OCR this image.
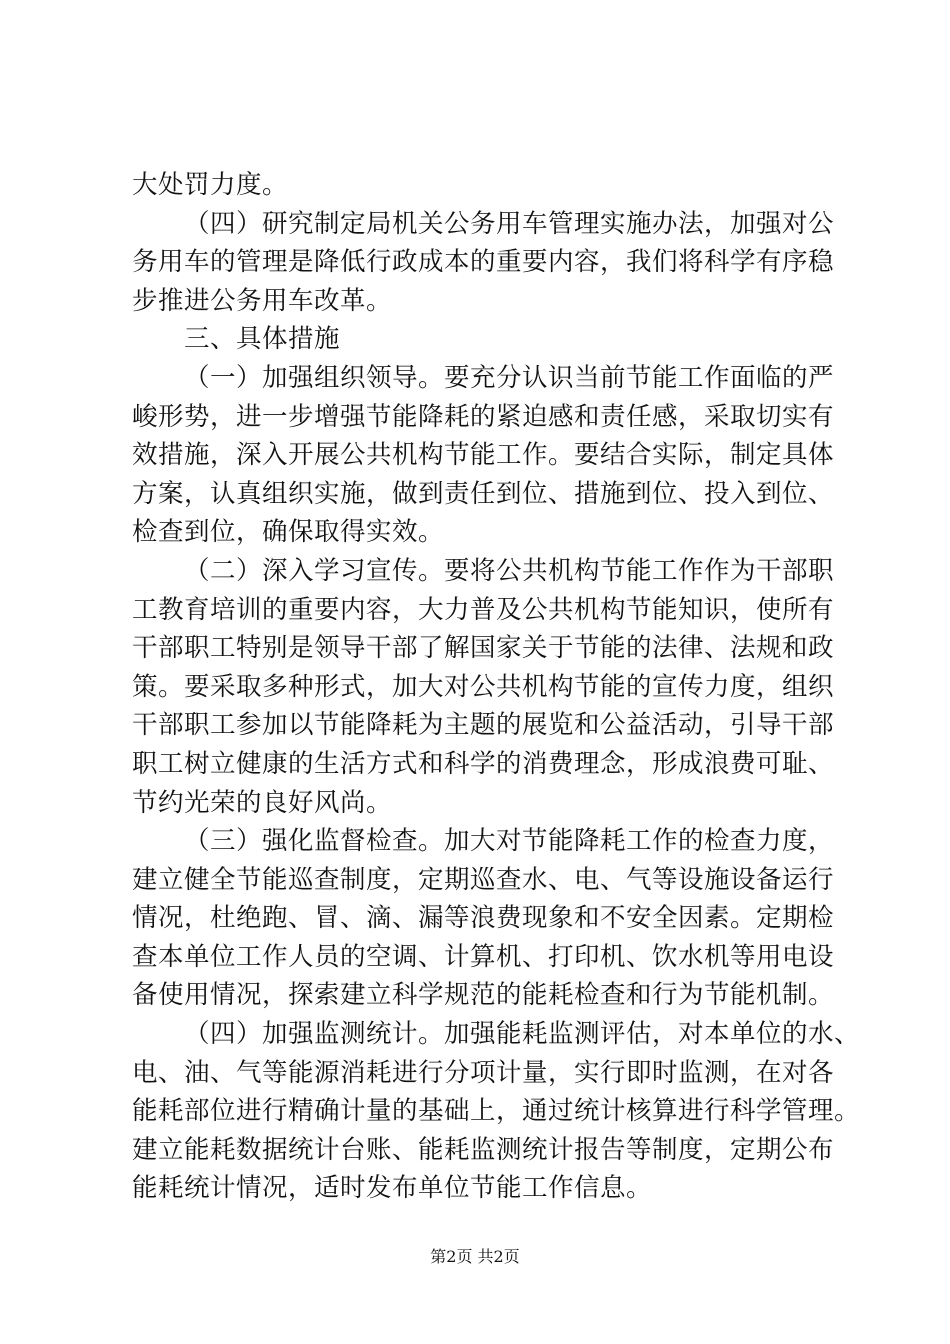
大处罚力度。
（四）研究制定局机关公务用车管理实施办法，加强对公
务用车的管理是降低行政成本的重要内容，我们将科学有序稳
步推进公务用车改革。
三、具体措施
（一）加强组织领导。要充分认识当前节能工作面临的严
峻形势，进一步增强节能降耗的紧迫感和责任感，采取切实有
效措施，深入开展公共机构节能工作。要结合实际，制定具体
方案，认真组织实施，做到责任到位、措施到位、投入到位、
检查到位，确保取得实效。
（二）深入学习宣传。要将公共机构节能工作作为干部职
工教育培训的重要内容，大力普及公共机构节能知识，使所有
干部职工特别是领导干部了解国家关于节能的法律、法规和政
策。要采取多种形式，加大对公共机构节能的宣传力度，组织
干部职工参加以节能降耗为主题的展览和公益活动，引导干部
职工树立健康的生活方式和科学的消费理念，形成浪费可耻、
节约光荣的良好风尚。
（三）强化监督检查。加大对节能降耗工作的检查力度，
建立健全节能巡查制度，定期巡查水、电、气等设施设备运行
情况，杜绝跑、冒、滴、漏等浪费现象和不安全因素。定期检
查本单位工作人员的空调、计算机、打印机、饮水机等用电设
备使用情况，探索建立科学规范的能耗检查和行为节能机制。
（四）加强监测统计。加强能耗监测评估，对本单位的水、
电、油、气等能源消耗进行分项计量，实行即时监测，在对各
能耗部位进行精确计量的基础上，通过统计核算进行科学管理。
建立能耗数据统计台账、能耗监测统计报告等制度，定期公布
能耗统计情况，适时发布单位节能工作信息。
第2页 共2页
